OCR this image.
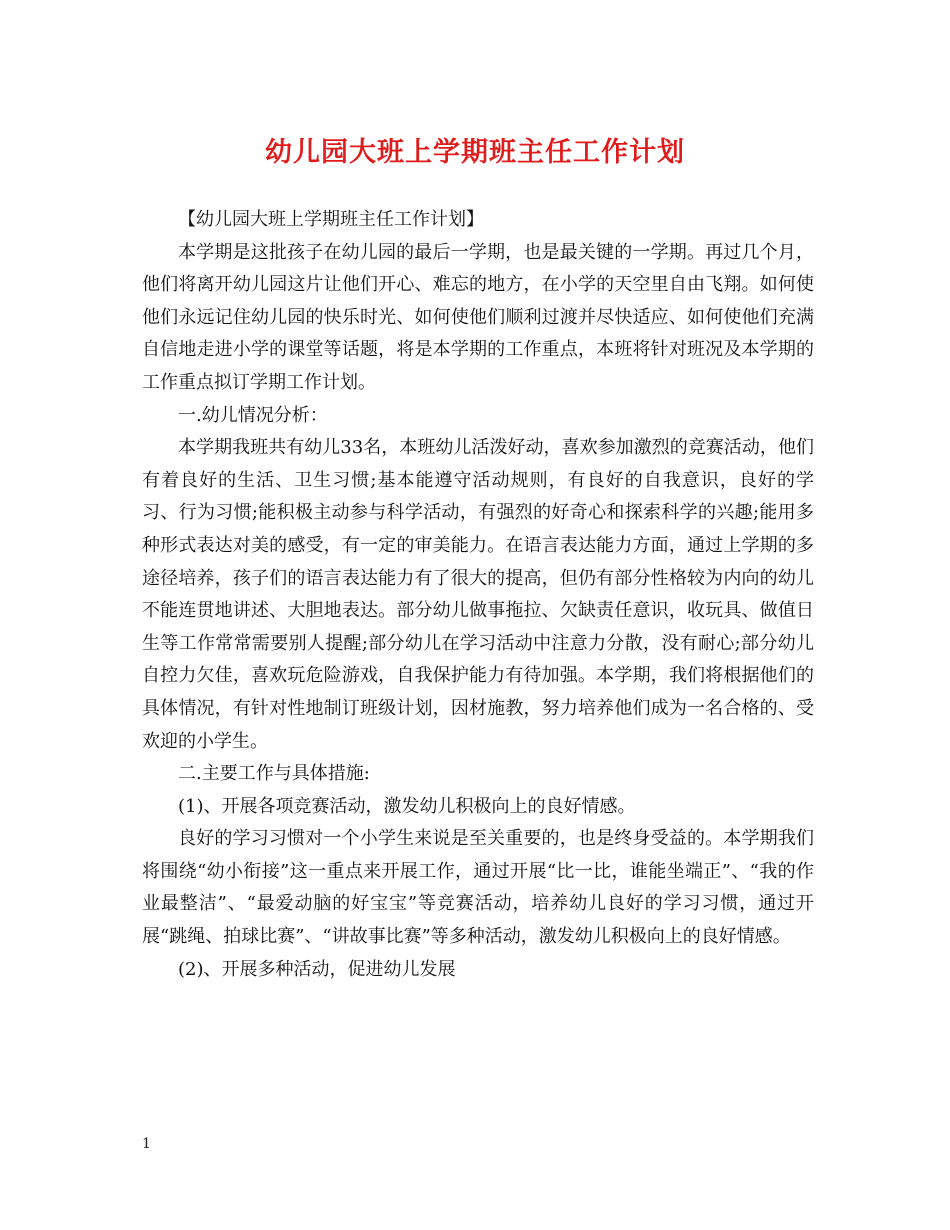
幼儿园大班上学期班主任工作计划

【幼儿园大班上学期班主任工作计划】

本学期是这批孩子在幼儿园的最后一学期，也是最关键的一学期。再过几个月，他们将离开幼儿园这片让他们开心、难忘的地方，在小学的天空里自由飞翔。如何使他们永远记住幼儿园的快乐时光、如何使他们顺利过渡并尽快适应、如何使他们充满自信地走进小学的课堂等话题，将是本学期的工作重点，本班将针对班况及本学期的工作重点拟订学期工作计划。

一.幼儿情况分析：

本学期我班共有幼儿33名，本班幼儿活泼好动，喜欢参加激烈的竞赛活动，他们有着良好的生活、卫生习惯;基本能遵守活动规则，有良好的自我意识，良好的学习、行为习惯;能积极主动参与科学活动，有强烈的好奇心和探索科学的兴趣;能用多种形式表达对美的感受，有一定的审美能力。在语言表达能力方面，通过上学期的多途径培养，孩子们的语言表达能力有了很大的提高，但仍有部分性格较为内向的幼儿不能连贯地讲述、大胆地表达。部分幼儿做事拖拉、欠缺责任意识，收玩具、做值日生等工作常常需要别人提醒;部分幼儿在学习活动中注意力分散，没有耐心;部分幼儿自控力欠佳，喜欢玩危险游戏，自我保护能力有待加强。本学期，我们将根据他们的具体情况，有针对性地制订班级计划，因材施教，努力培养他们成为一名合格的、受欢迎的小学生。

二.主要工作与具体措施:

(1)、开展各项竞赛活动，激发幼儿积极向上的良好情感。

良好的学习习惯对一个小学生来说是至关重要的，也是终身受益的。本学期我们将围绕“幼小衔接”这一重点来开展工作，通过开展“比一比，谁能坐端正”、“我的作业最整洁”、“最爱动脑的好宝宝”等竞赛活动，培养幼儿良好的学习习惯，通过开展“跳绳、拍球比赛”、“讲故事比赛”等多种活动，激发幼儿积极向上的良好情感。

(2)、开展多种活动，促进幼儿发展

1
